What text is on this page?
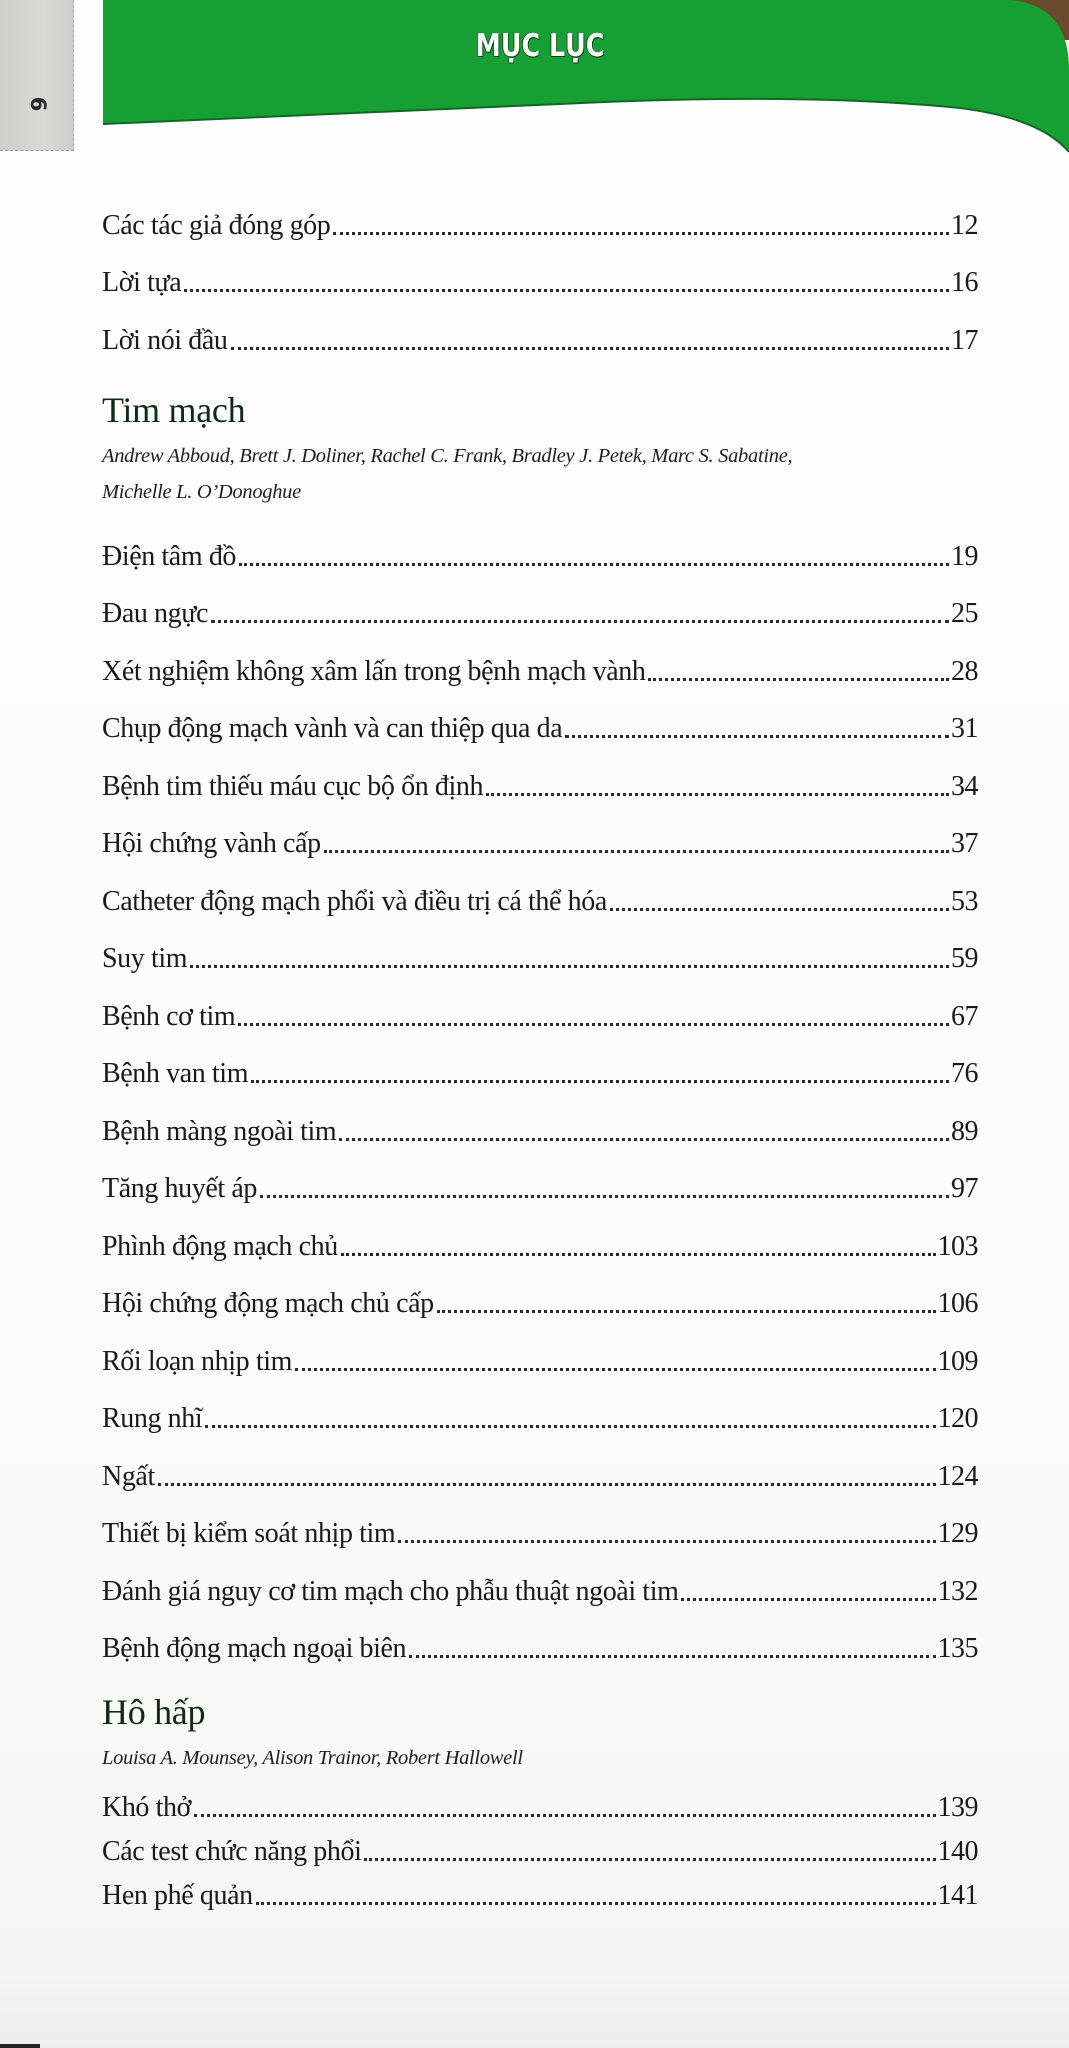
MỤC LỤC
6
Các tác giả đóng góp	12
Lời tựa	16
Lời nói đầu	17
Tim mạch

Andrew Abboud, Brett J. Doliner, Rachel C. Frank, Bradley J. Petek, Marc S. Sabatine,
Michelle L. O’Donoghue

Điện tâm đồ	19
Đau ngực	25
Xét nghiệm không xâm lấn trong bệnh mạch vành	28
Chụp động mạch vành và can thiệp qua da	31
Bệnh tim thiếu máu cục bộ ổn định	34
Hội chứng vành cấp	37
Catheter động mạch phổi và điều trị cá thể hóa	53
Suy tim	59
Bệnh cơ tim	67
Bệnh van tim	76
Bệnh màng ngoài tim	89
Tăng huyết áp	97
Phình động mạch chủ	103
Hội chứng động mạch chủ cấp	106
Rối loạn nhịp tim	109
Rung nhĩ	120
Ngất	124
Thiết bị kiểm soát nhịp tim	129
Đánh giá nguy cơ tim mạch cho phẫu thuật ngoài tim	132
Bệnh động mạch ngoại biên	135
Hô hấp

Louisa A. Mounsey, Alison Trainor, Robert Hallowell

Khó thở	139
Các test chức năng phổi	140
Hen phế quản	141
